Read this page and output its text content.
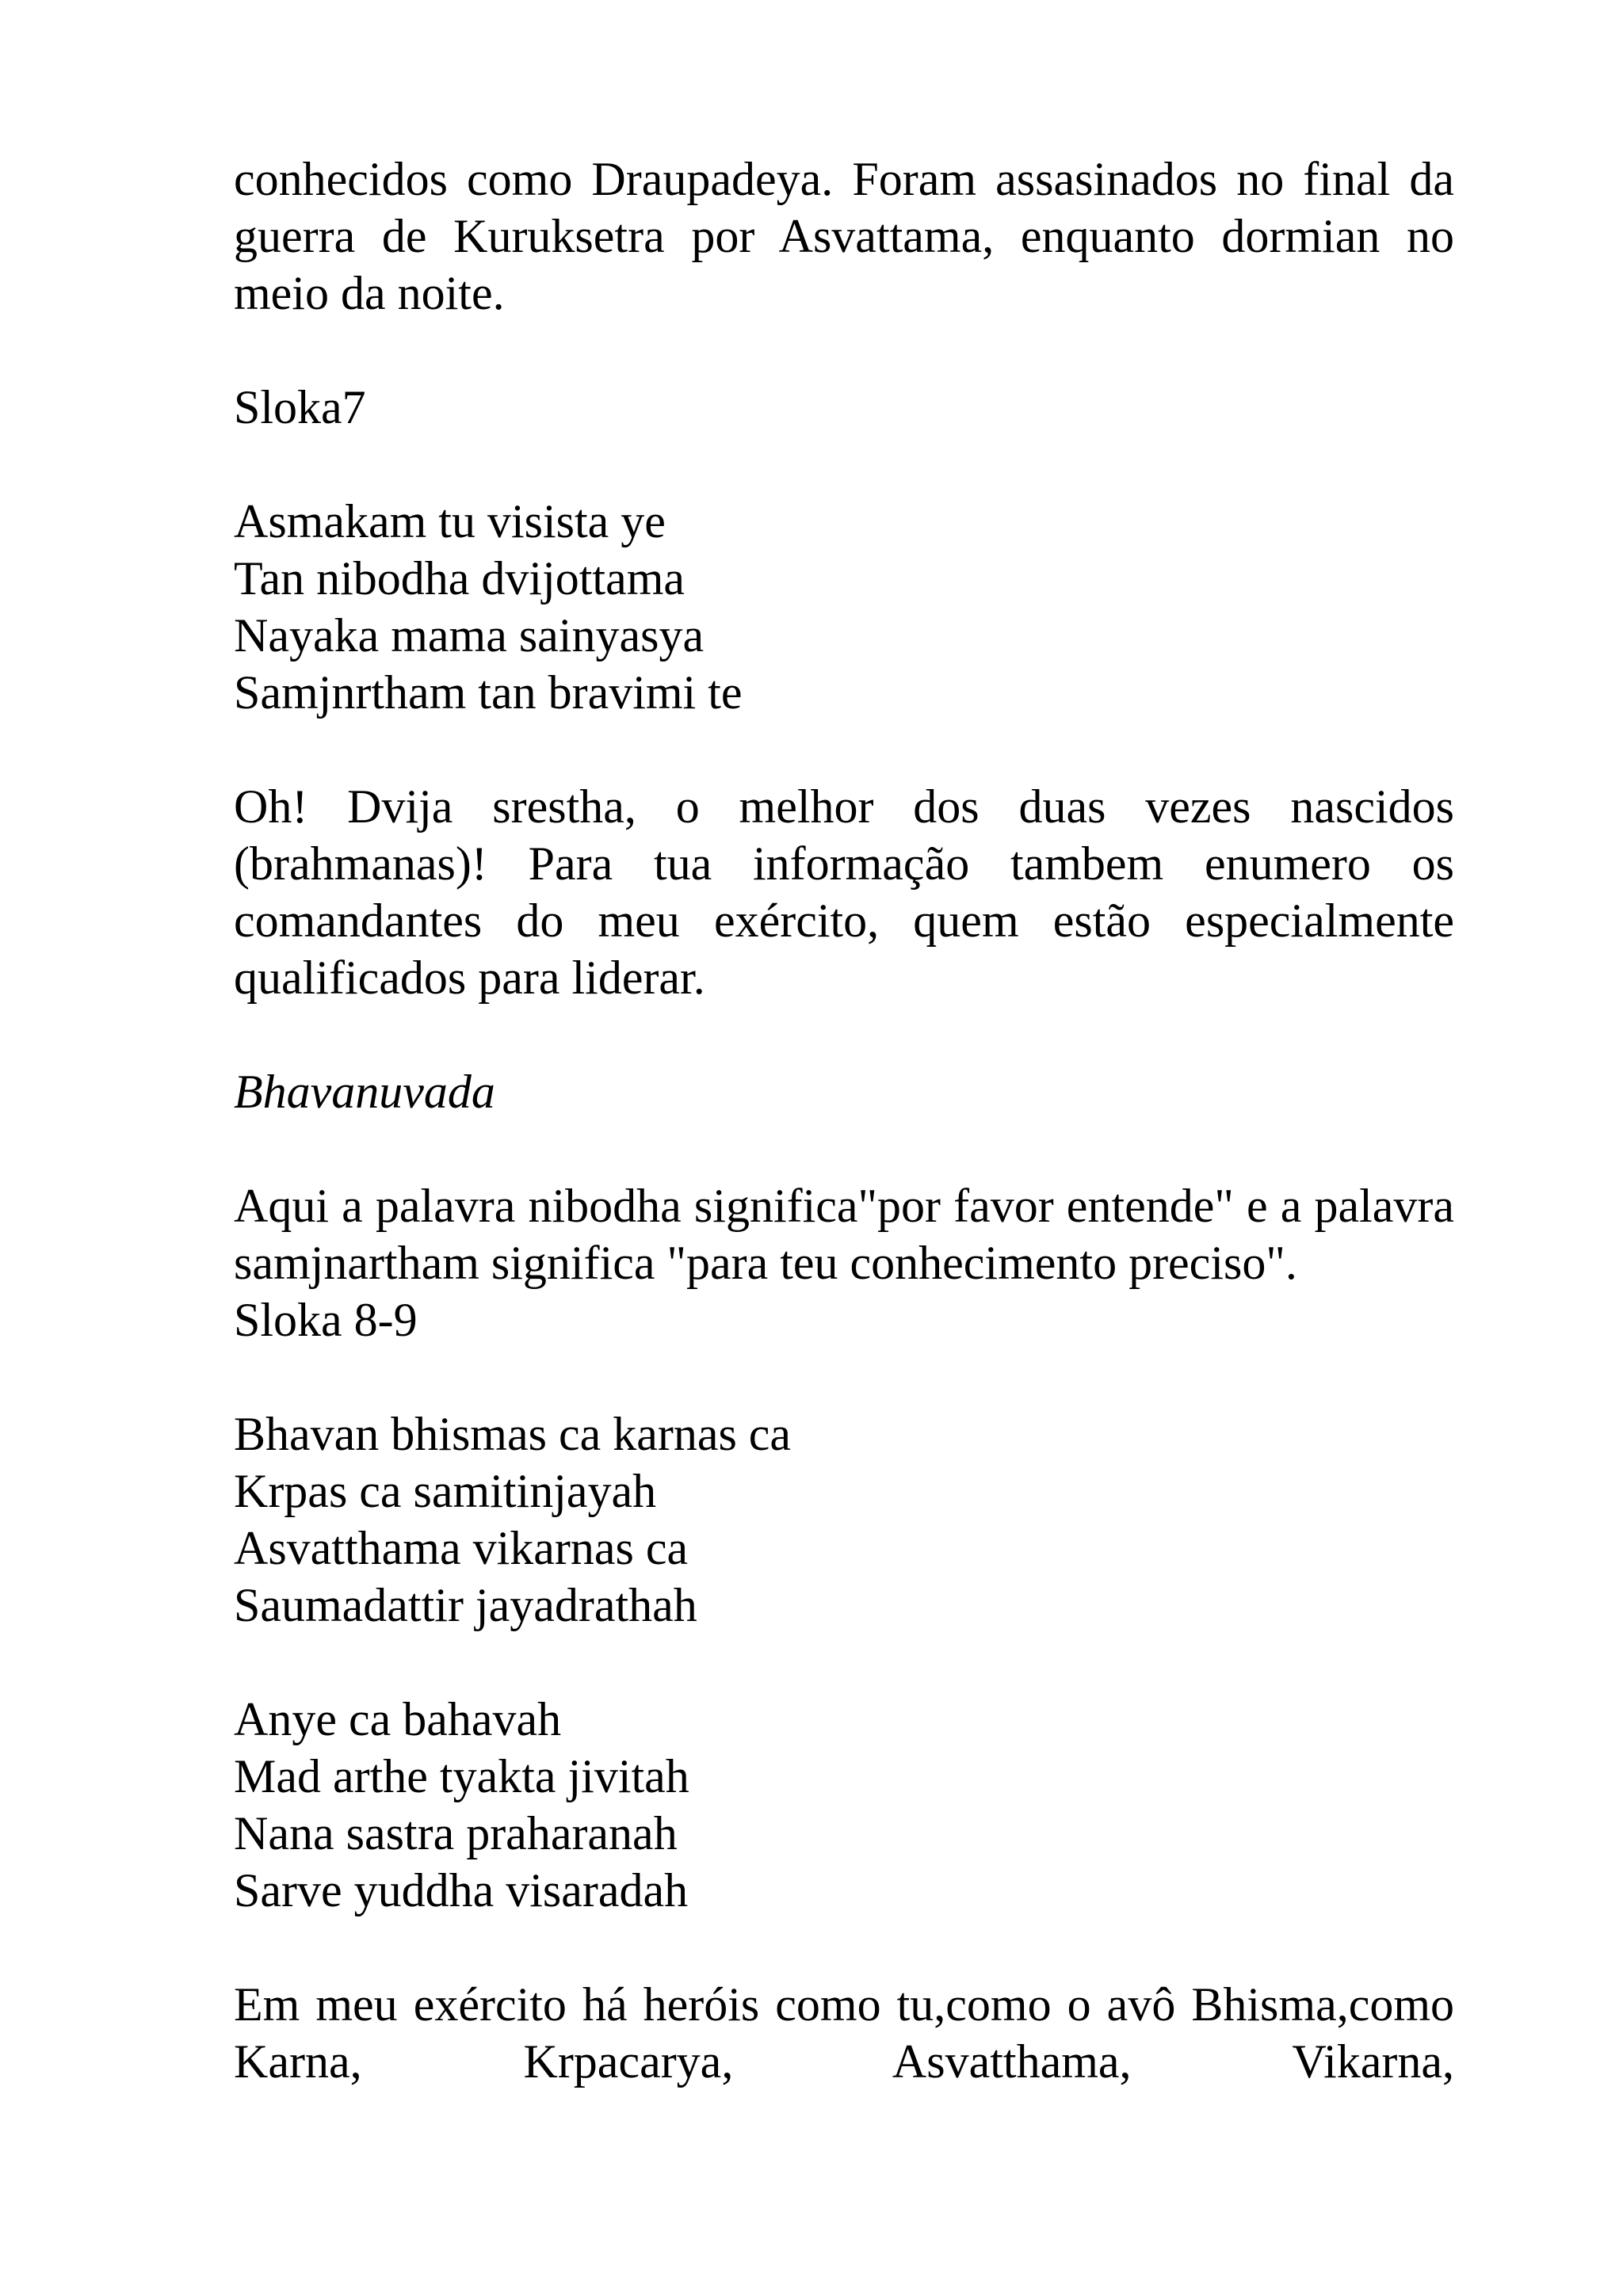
conhecidos como Draupadeya. Foram assasinados no final da guerra de Kuruksetra por Asvattama, enquanto dormian no meio da noite.

Sloka7

Asmakam tu visista ye
Tan nibodha dvijottama
Nayaka mama sainyasya
Samjnrtham tan bravimi te

Oh! Dvija srestha, o melhor dos duas vezes nascidos (brahmanas)! Para tua informação tambem enumero os comandantes do meu exército, quem estão especialmente qualificados para liderar.

Bhavanuvada

Aqui a palavra nibodha significa"por favor entende" e a palavra samjnartham significa "para teu conhecimento preciso".

Sloka 8-9

Bhavan bhismas ca karnas ca
Krpas ca samitinjayah
Asvatthama vikarnas ca
Saumadattir jayadrathah
Anye ca bahavah
Mad arthe tyakta jivitah
Nana sastra praharanah
Sarve yuddha visaradah

Em meu exército há heróis como tu,como o avô Bhisma,como Karna, Krpacarya, Asvatthama, Vikarna,
